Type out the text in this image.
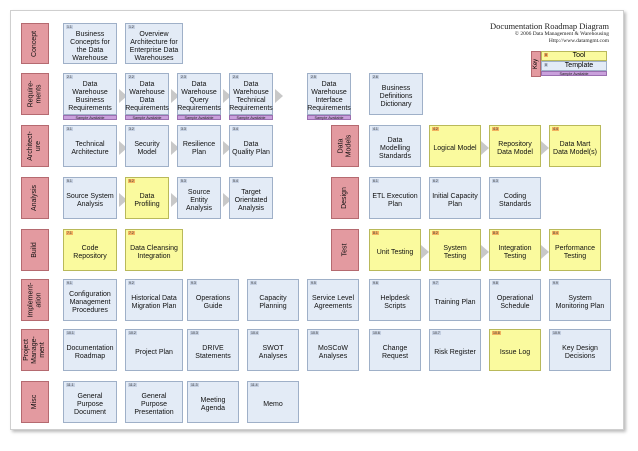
Documentation Roadmap Diagram
© 2006 Data Management & Warehousing
Http://www.datamgmt.com
Key
0	Tool
0	Template
Sample Available
Concept
Require-
ments
Architect-
ure
Analysis
Build
Implement-
ation
Project
Manage-
ment
Misc
Data
Models
Design
Test
Sample Available	Sample Available	Sample Available	Sample Available	Sample Available
1.1
Business Concepts for the Data Warehouse
1.2
Overview Architecture for Enterprise Data Warehouses
2.1
Data Warehouse Business Requirements
2.2
Data Warehouse Data Requirements
2.3
Data Warehouse Query Requirements
2.4
Data Warehouse Technical Requirements
2.5
Data Warehouse Interface Requirements
2.6
Business Definitions Dictionary
3.1
Technical Architecture
3.2
Security Model
3.3
Resilience Plan
3.4
Data Quality Plan
4.1
Data Modelling Standards
4.2
Logical Model
4.3
Repository Data Model
4.4
Data Mart Data Model(s)
5.1
Source System Analysis
5.2
Data Profiling
5.3
Source Entity Analysis
5.4
Target Orientated Analysis
6.1
ETL Execution Plan
6.2
Initial Capacity Plan
6.3
Coding Standards
7.1
Code Repository
7.2
Data Cleansing Integration
8.1
Unit Testing
8.2
System Testing
8.3
Integration Testing
8.4
Performance Testing
9.1
Configuration Management Procedures
9.2
Historical Data Migration Plan
9.3
Operations Guide
9.4
Capacity Planning
9.5
Service Level Agreements
9.6
Helpdesk Scripts
9.7
Training Plan
9.8
Operational Schedule
9.9
System Monitoring Plan
10.1
Documentation Roadmap
10.2
Project Plan
10.3
DRIVE Statements
10.4
SWOT Analyses
10.5
MoSCoW Analyses
10.6
Change Request
10.7
Risk Register
10.8
Issue Log
10.9
Key Design Decisions
11.1
General Purpose Document
11.2
General Purpose Presentation
11.3
Meeting Agenda
11.4
Memo
